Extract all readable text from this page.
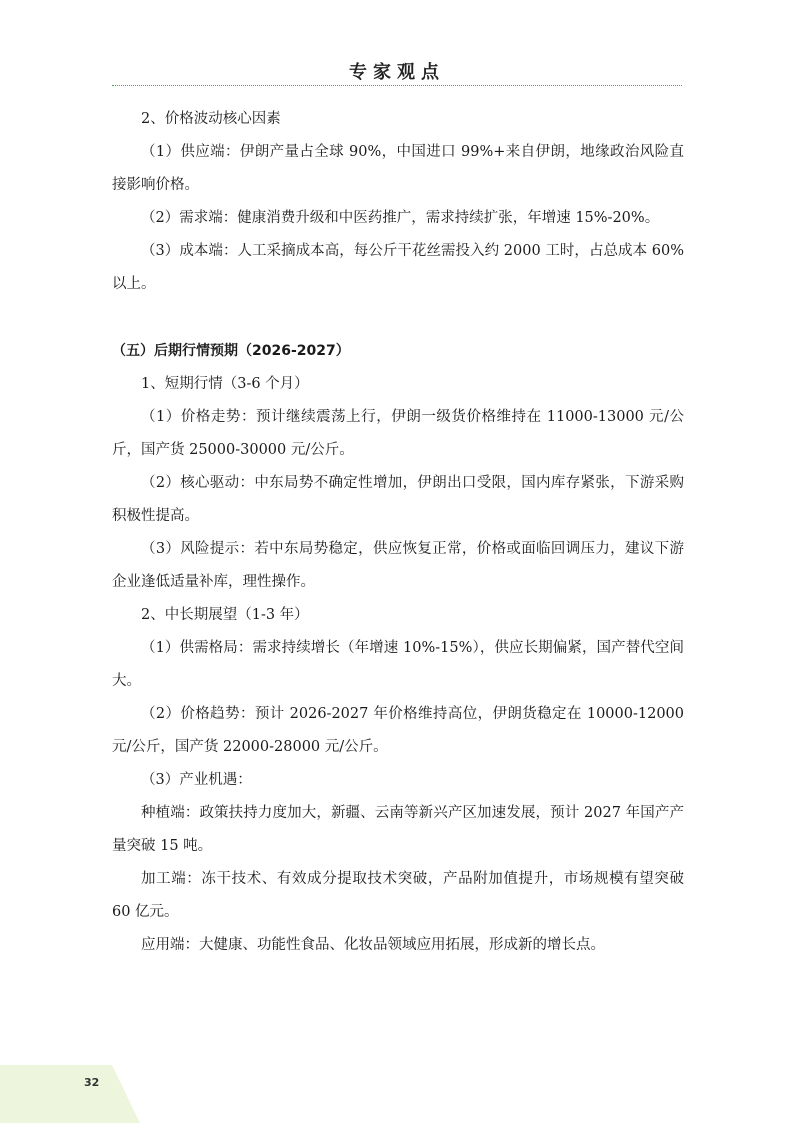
专家观点

2、价格波动核心因素

（1）供应端：伊朗产量占全球 90%，中国进口 99%+来自伊朗，地缘政治风险直接影响价格。

（2）需求端：健康消费升级和中医药推广，需求持续扩张，年增速 15%-20%。

（3）成本端：人工采摘成本高，每公斤干花丝需投入约 2000 工时，占总成本 60%以上。

（五）后期行情预期（2026-2027）

1、短期行情（3-6 个月）

（1）价格走势：预计继续震荡上行，伊朗一级货价格维持在 11000-13000 元/公斤，国产货 25000-30000 元/公斤。

（2）核心驱动：中东局势不确定性增加，伊朗出口受限，国内库存紧张，下游采购积极性提高。

（3）风险提示：若中东局势稳定，供应恢复正常，价格或面临回调压力，建议下游企业逢低适量补库，理性操作。

2、中长期展望（1-3 年）

（1）供需格局：需求持续增长（年增速 10%-15%），供应长期偏紧，国产替代空间大。

（2）价格趋势：预计 2026-2027 年价格维持高位，伊朗货稳定在 10000-12000 元/公斤，国产货 22000-28000 元/公斤。

（3）产业机遇：

种植端：政策扶持力度加大，新疆、云南等新兴产区加速发展，预计 2027 年国产产量突破 15 吨。

加工端：冻干技术、有效成分提取技术突破，产品附加值提升，市场规模有望突破 60 亿元。

应用端：大健康、功能性食品、化妆品领域应用拓展，形成新的增长点。

32
